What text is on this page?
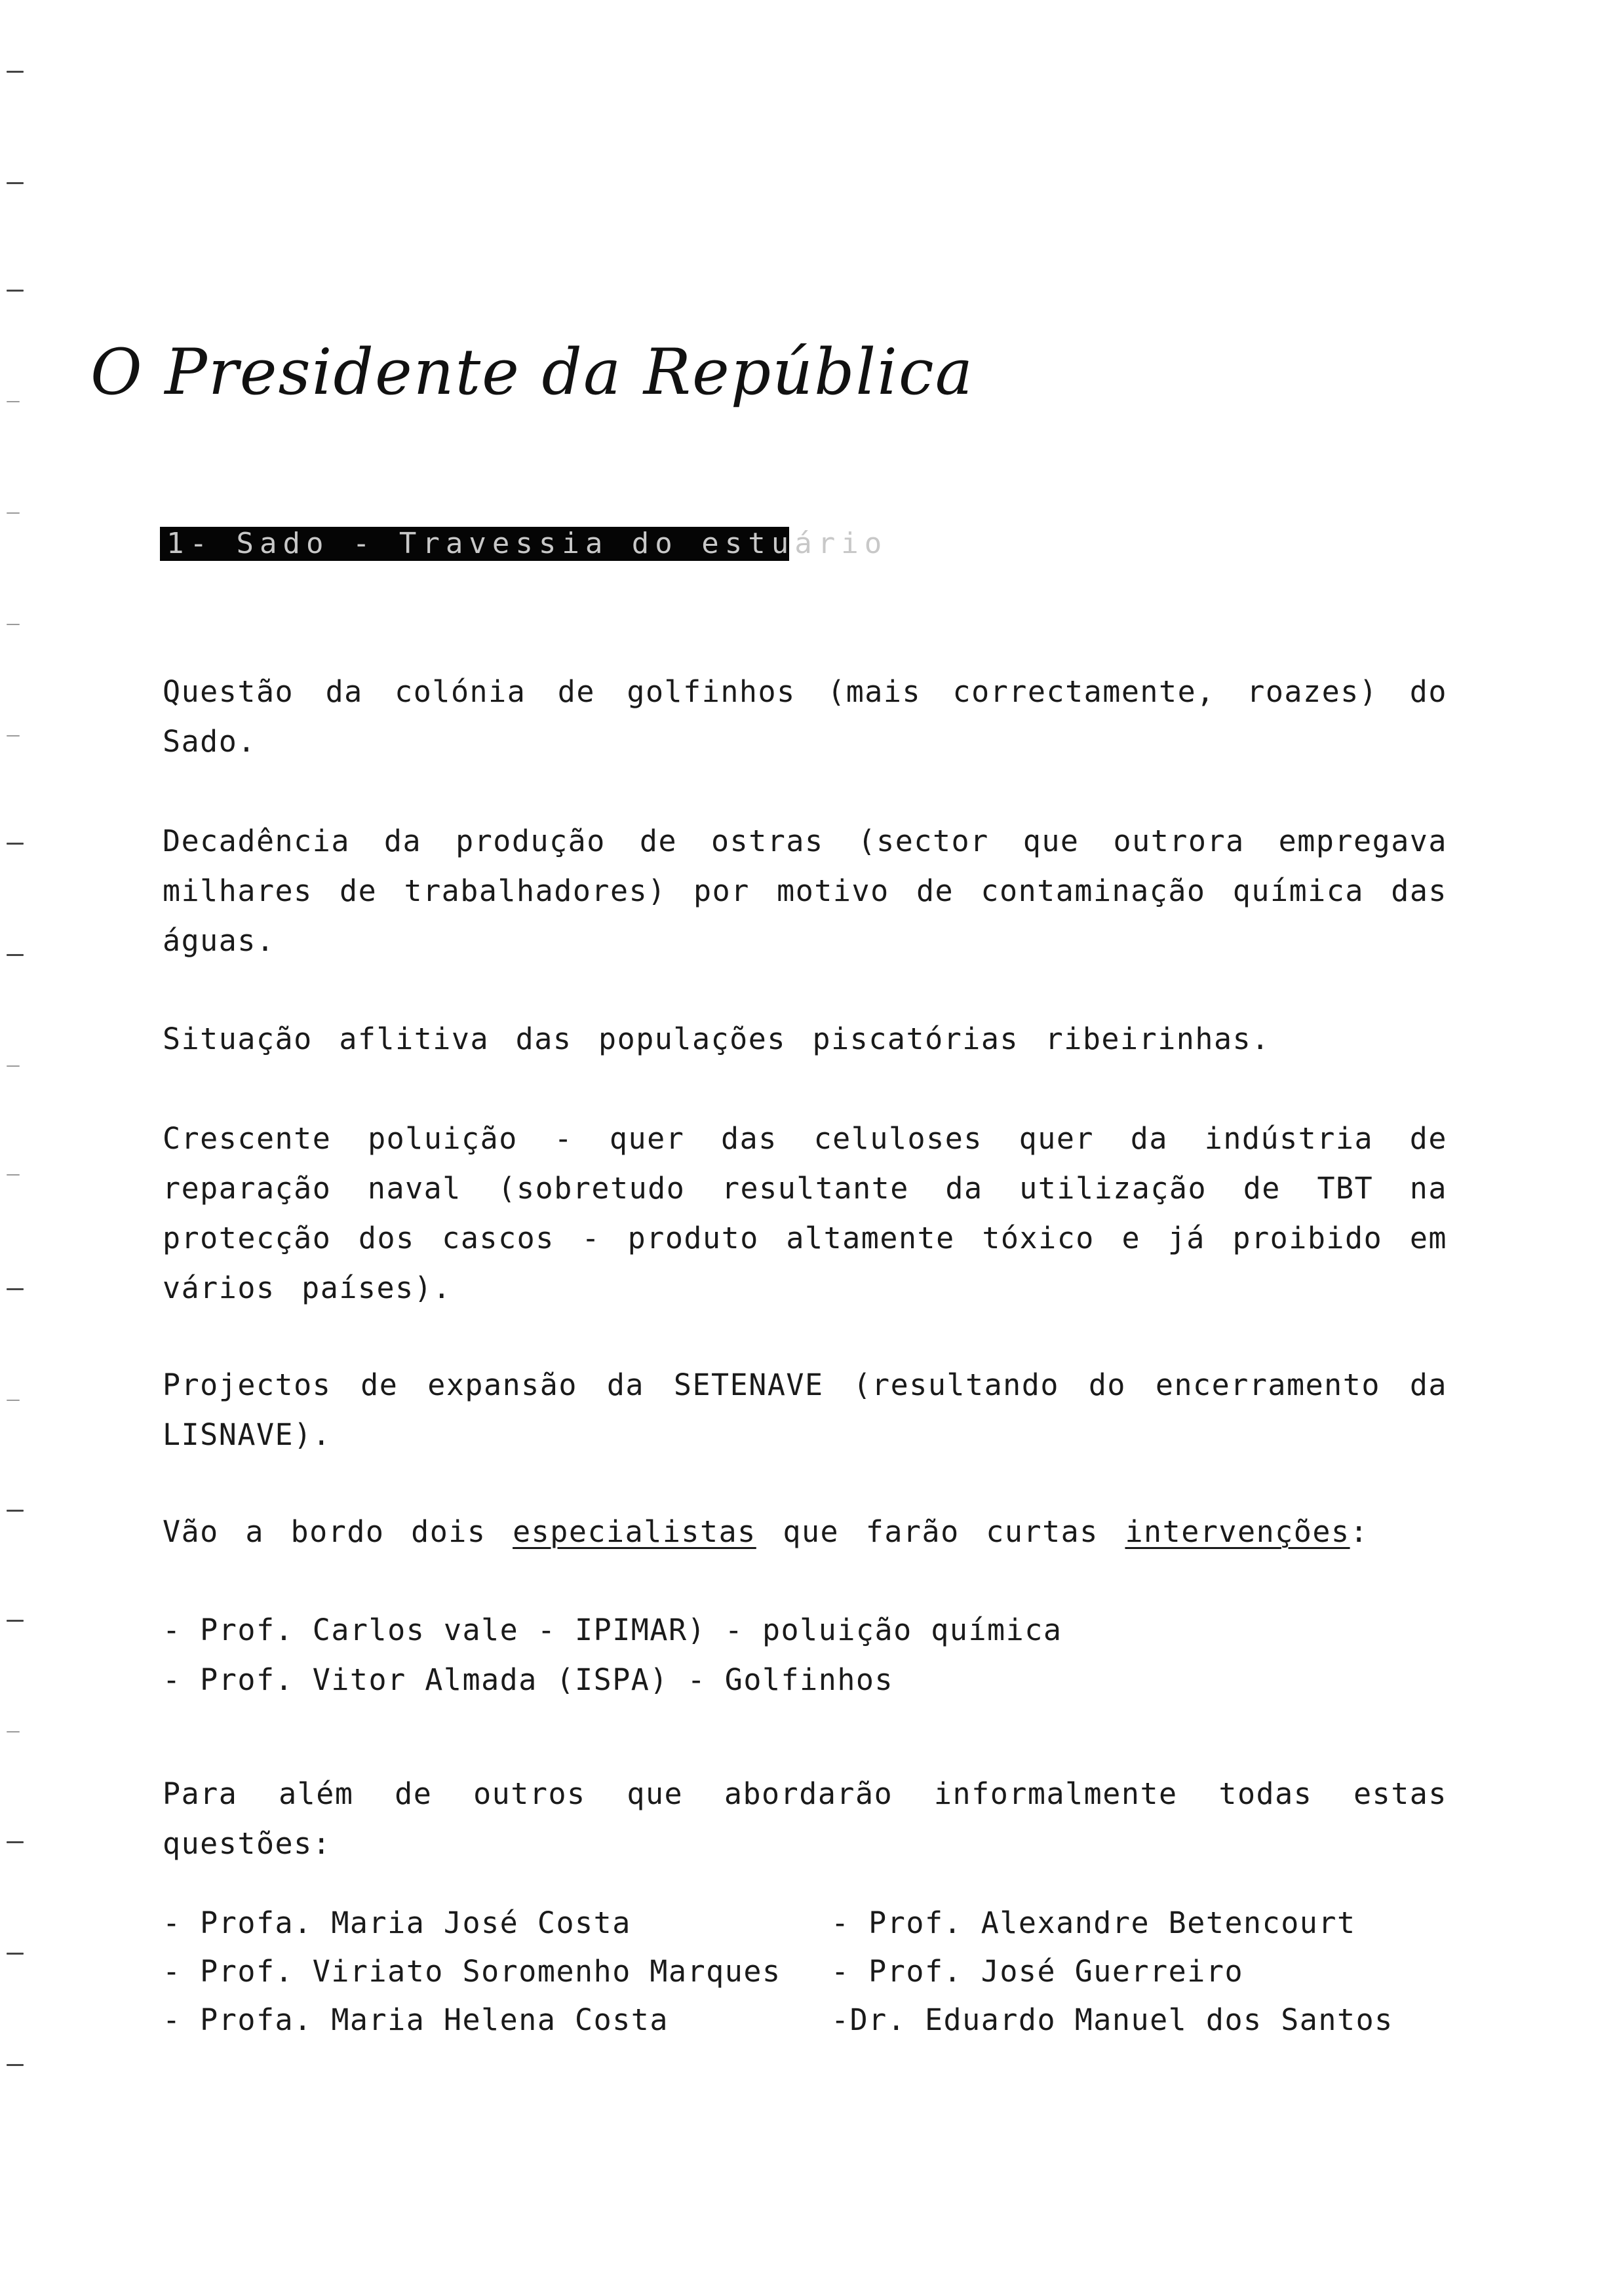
O Presidente da República
1- Sado - Travessia do estuário

Questão da colónia de golfinhos (mais correctamente, roazes) do Sado.

Decadência da produção de ostras (sector que outrora empregava milhares de trabalhadores) por motivo de contaminação química das águas.

Situação aflitiva das populações piscatórias ribeirinhas.

Crescente poluição - quer das celuloses quer da indústria de reparação naval (sobretudo resultante da utilização de TBT na protecção dos cascos - produto altamente tóxico e já proibido em vários países).

Projectos de expansão da SETENAVE (resultando do encerramento da LISNAVE).

Vão a bordo dois especialistas que farão curtas intervenções:

- Prof. Carlos vale - IPIMAR) - poluição química
- Prof. Vitor Almada (ISPA) - Golfinhos

Para além de outros que abordarão informalmente todas estas questões:

- Profa. Maria José Costa	- Prof. Alexandre Betencourt
- Prof. Viriato Soromenho Marques	- Prof. José Guerreiro
- Profa. Maria Helena Costa	-Dr. Eduardo Manuel dos Santos
